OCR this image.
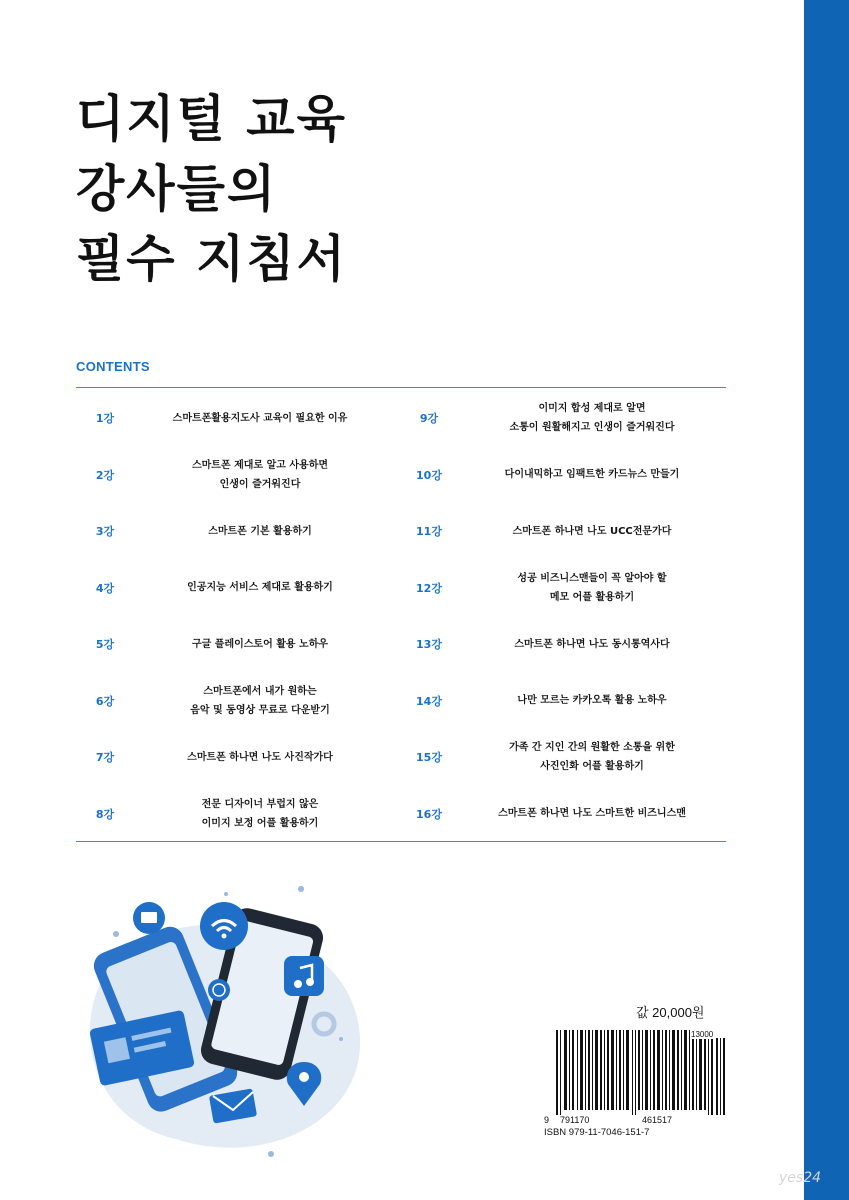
디지털 교육
강사들의
필수 지침서
CONTENTS
1강	스마트폰활용지도사 교육이 필요한 이유
2강
스마트폰 제대로 알고 사용하면
인생이 즐거워진다
3강	스마트폰 기본 활용하기
4강	인공지능 서비스 제대로 활용하기
5강	구글 플레이스토어 활용 노하우
6강
스마트폰에서 내가 원하는
음악 및 동영상 무료로 다운받기
7강	스마트폰 하나면 나도 사진작가다
8강
전문 디자이너 부럽지 않은
이미지 보정 어플 활용하기
9강
이미지 합성 제대로 알면
소통이 원활해지고 인생이 즐거워진다
10강	다이내믹하고 임팩트한 카드뉴스 만들기
11강	스마트폰 하나면 나도 UCC전문가다
12강
성공 비즈니스맨들이 꼭 알아야 할
메모 어플 활용하기
13강	스마트폰 하나면 나도 동시통역사다
14강	나만 모르는 카카오톡 활용 노하우
15강
가족 간 지인 간의 원활한 소통을 위한
사진인화 어플 활용하기
16강	스마트폰 하나면 나도 스마트한 비즈니스맨
값 20,000원
13000
9 791170	461517
ISBN 979-11-7046-151-7
yes24
